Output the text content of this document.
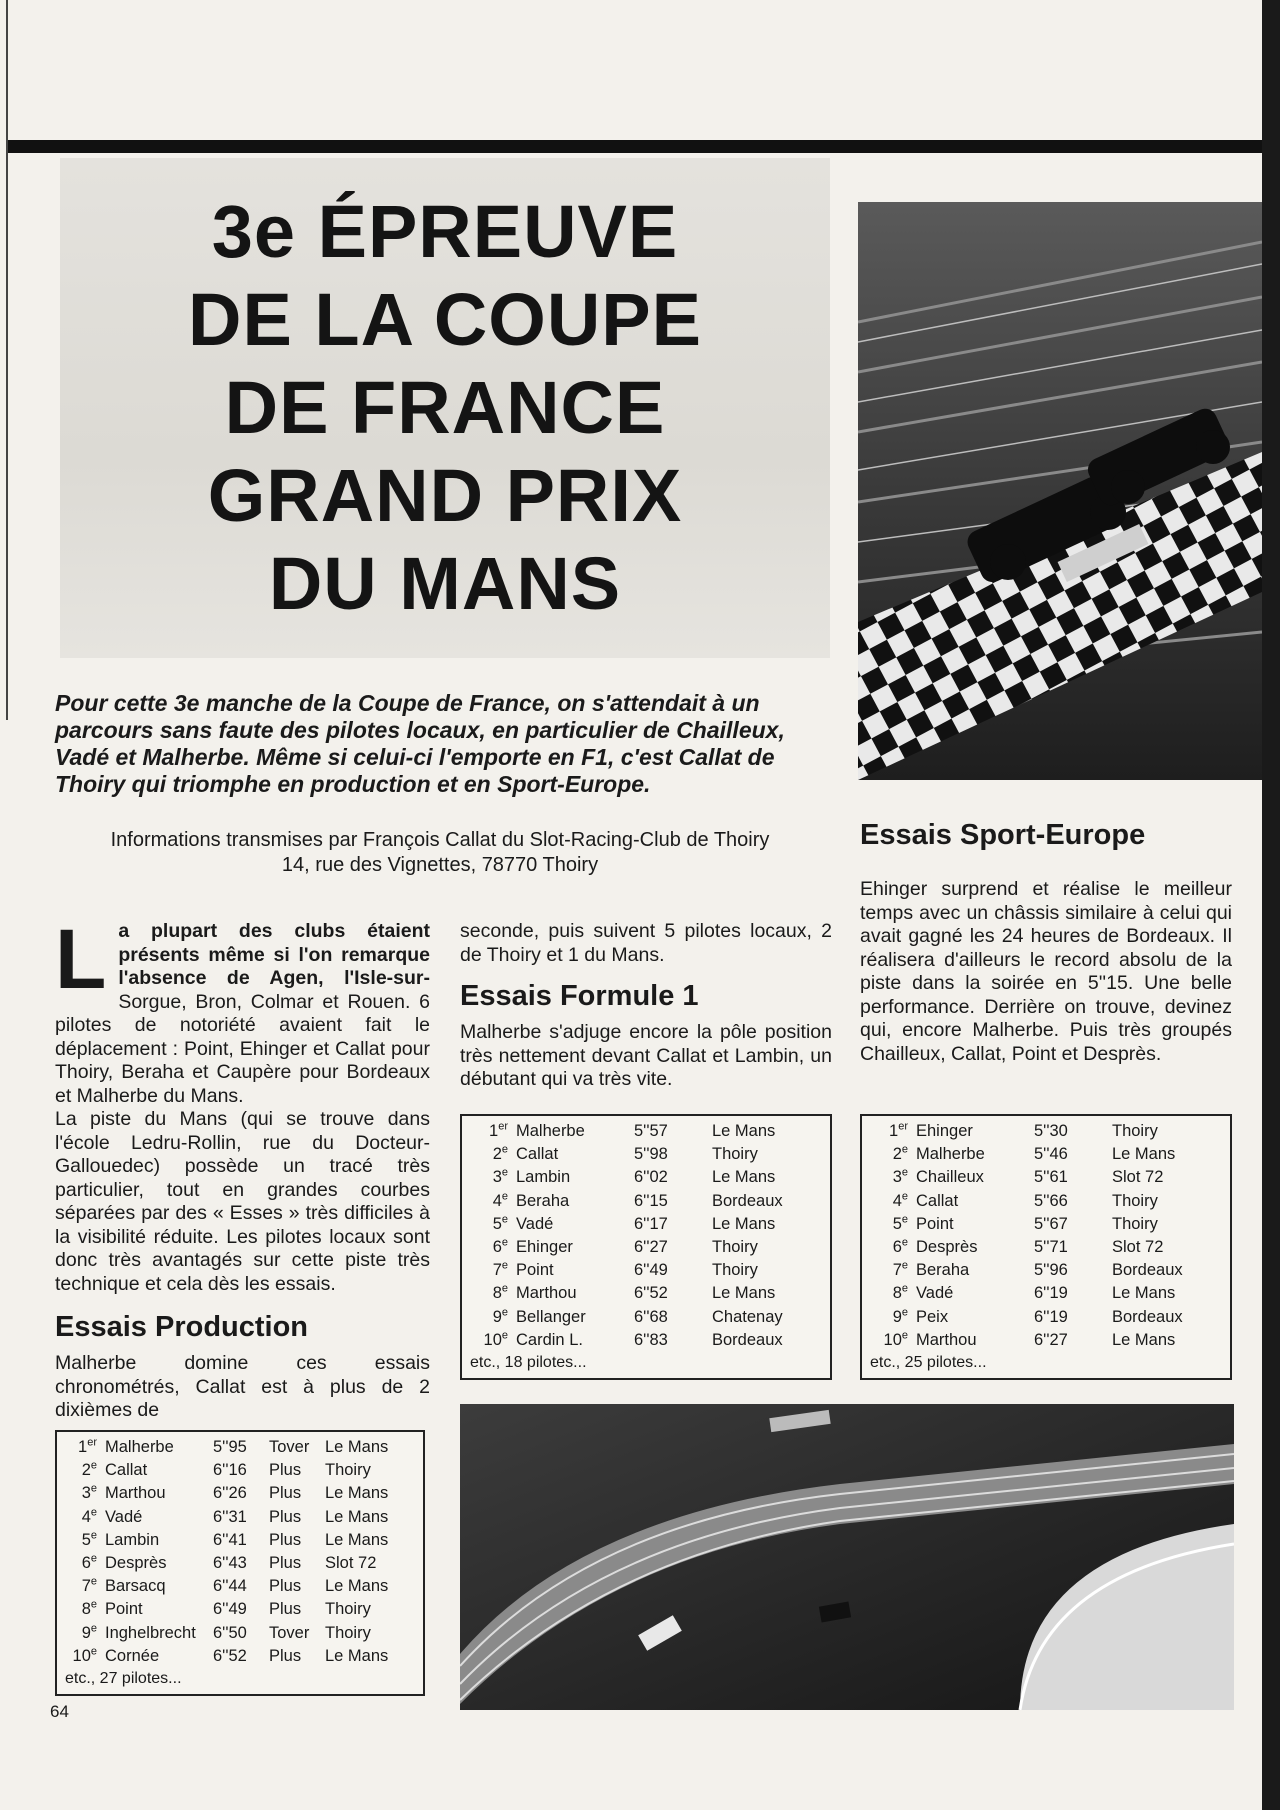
3e ÉPREUVE
DE LA COUPE
DE FRANCE
GRAND PRIX
DU MANS
Pour cette 3e manche de la Coupe de France, on s'attendait à un parcours sans faute des pilotes locaux, en particulier de Chailleux, Vadé et Malherbe. Même si celui-ci l'emporte en F1, c'est Callat de Thoiry qui triomphe en production et en Sport-Europe.
Informations transmises par François Callat du Slot-Racing-Club de Thoiry
14, rue des Vignettes, 78770 Thoiry
L a plupart des clubs étaient présents même si l'on remarque l'absence de Agen, l'Isle-sur- Sorgue, Bron, Colmar et Rouen. 6 pilotes de notoriété avaient fait le déplacement : Point, Ehinger et Callat pour Thoiry, Beraha et Caupère pour Bordeaux et Malherbe du Mans.
La piste du Mans (qui se trouve dans l'école Ledru-Rollin, rue du Docteur-Gallouedec) possède un tracé très particulier, tout en grandes courbes séparées par des « Esses » très difficiles à la visibilité réduite. Les pilotes locaux sont donc très avantagés sur cette piste très technique et cela dès les essais.
Essais Production
Malherbe domine ces essais chronométrés, Callat est à plus de 2 dixièmes de
seconde, puis suivent 5 pilotes locaux, 2 de Thoiry et 1 du Mans.
Essais Formule 1
Malherbe s'adjuge encore la pôle position très nettement devant Callat et Lambin, un débutant qui va très vite.
Essais Sport-Europe
Ehinger surprend et réalise le meilleur temps avec un châssis similaire à celui qui avait gagné les 24 heures de Bordeaux. Il réalisera d'ailleurs le record absolu de la piste dans la soirée en 5''15. Une belle performance. Derrière on trouve, devinez qui, encore Malherbe. Puis très groupés Chailleux, Callat, Point et Desprès.
1er	Malherbe	5''95	Tover	Le Mans
2e	Callat	6''16	Plus	Thoiry
3e	Marthou	6''26	Plus	Le Mans
4e	Vadé	6''31	Plus	Le Mans
5e	Lambin	6''41	Plus	Le Mans
6e	Desprès	6''43	Plus	Slot 72
7e	Barsacq	6''44	Plus	Le Mans
8e	Point	6''49	Plus	Thoiry
9e	Inghelbrecht	6''50	Tover	Thoiry
10e	Cornée	6''52	Plus	Le Mans
etc., 27 pilotes...
1er	Malherbe	5''57	Le Mans
2e	Callat	5''98	Thoiry
3e	Lambin	6''02	Le Mans
4e	Beraha	6''15	Bordeaux
5e	Vadé	6''17	Le Mans
6e	Ehinger	6''27	Thoiry
7e	Point	6''49	Thoiry
8e	Marthou	6''52	Le Mans
9e	Bellanger	6''68	Chatenay
10e	Cardin L.	6''83	Bordeaux
etc., 18 pilotes...
1er	Ehinger	5''30	Thoiry
2e	Malherbe	5''46	Le Mans
3e	Chailleux	5''61	Slot 72
4e	Callat	5''66	Thoiry
5e	Point	5''67	Thoiry
6e	Desprès	5''71	Slot 72
7e	Beraha	5''96	Bordeaux
8e	Vadé	6''19	Le Mans
9e	Peix	6''19	Bordeaux
10e	Marthou	6''27	Le Mans
etc., 25 pilotes...
64
